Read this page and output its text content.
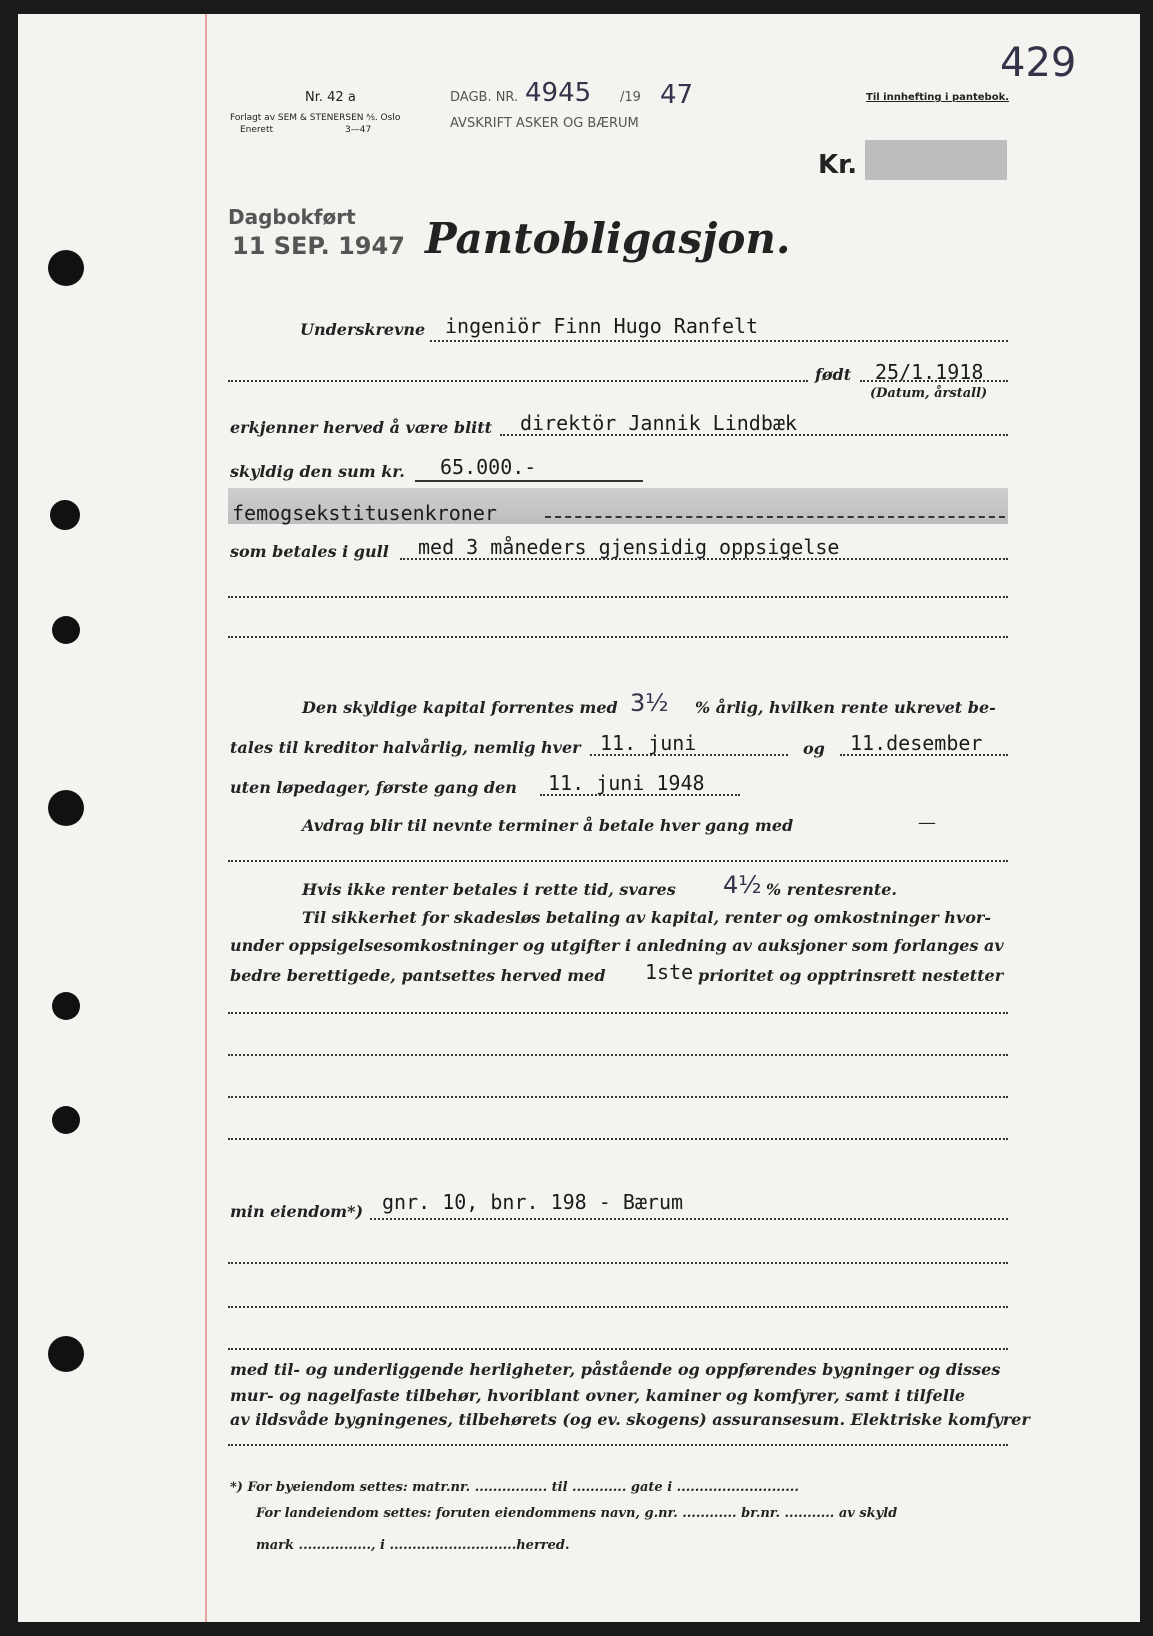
429
Nr. 42 a
Forlagt av SEM & STENERSEN ⅍. Oslo
Enerett	3—47
DAGB. NR. 4945 /19 47
AVSKRIFT ASKER OG BÆRUM
Til innhefting i pantebok.
Kr.
Dagbokført
11 SEP. 1947 Pantobligasjon.
Underskrevne ingeniör Finn Hugo Ranfelt
født 25/1.1918
(Datum, årstall)
erkjenner herved å være blitt direktör Jannik Lindbæk
skyldig den sum kr. 65.000.-
femogsekstitusenkroner
som betales i gull med 3 måneders gjensidig oppsigelse
Den skyldige kapital forrentes med 3½ % årlig, hvilken rente ukrevet be-
tales til kreditor halvårlig, nemlig hver 11. juni	og 11.desember
uten løpedager, første gang den 11. juni 1948
Avdrag blir til nevnte terminer å betale hver gang med	—
Hvis ikke renter betales i rette tid, svares 4½ % rentesrente.
Til sikkerhet for skadesløs betaling av kapital, renter og omkostninger hvor-
under oppsigelsesomkostninger og utgifter i anledning av auksjoner som forlanges av
bedre berettigede, pantsettes herved med 1ste prioritet og opptrinsrett nestetter
min eiendom*) gnr. 10, bnr. 198 - Bærum
med til- og underliggende herligheter, påstående og oppførendes bygninger og disses
mur- og nagelfaste tilbehør, hvoriblant ovner, kaminer og komfyrer, samt i tilfelle
av ildsvåde bygningenes, tilbehørets (og ev. skogens) assuransesum. Elektriske komfyrer
*) For byeiendom settes: matr.nr. ................ til ............ gate i ...........................
For landeiendom settes: foruten eiendommens navn, g.nr. ............ br.nr. ........... av skyld
mark ................, i ............................herred.
